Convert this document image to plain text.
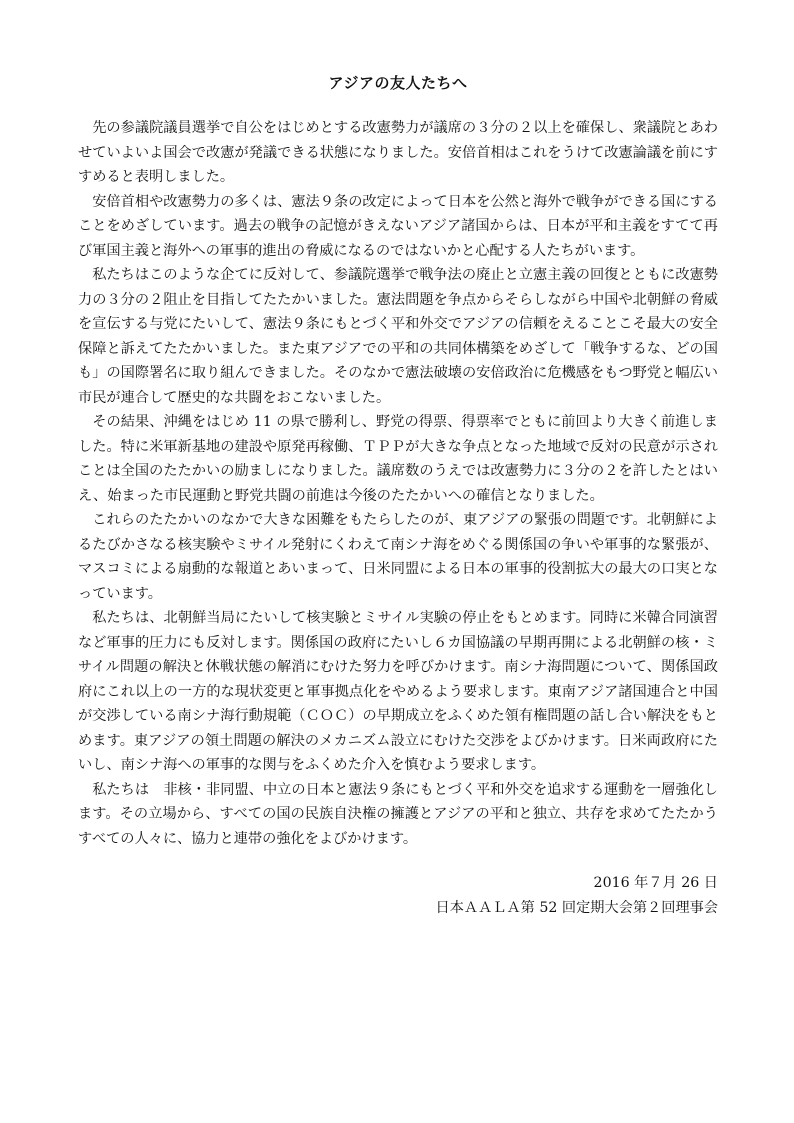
アジアの友人たちへ

先の参議院議員選挙で自公をはじめとする改憲勢力が議席の３分の２以上を確保し、衆議院とあわせていよいよ国会で改憲が発議できる状態になりました。安倍首相はこれをうけて改憲論議を前にすすめると表明しました。

安倍首相や改憲勢力の多くは、憲法９条の改定によって日本を公然と海外で戦争ができる国にすることをめざしています。過去の戦争の記憶がきえないアジア諸国からは、日本が平和主義をすてて再び軍国主義と海外への軍事的進出の脅威になるのではないかと心配する人たちがいます。

私たちはこのような企てに反対して、参議院選挙で戦争法の廃止と立憲主義の回復とともに改憲勢力の３分の２阻止を目指してたたかいました。憲法問題を争点からそらしながら中国や北朝鮮の脅威を宣伝する与党にたいして、憲法９条にもとづく平和外交でアジアの信頼をえることこそ最大の安全保障と訴えてたたかいました。また東アジアでの平和の共同体構築をめざして「戦争するな、どの国も」の国際署名に取り組んできました。そのなかで憲法破壊の安倍政治に危機感をもつ野党と幅広い市民が連合して歴史的な共闘をおこないました。

その結果、沖縄をはじめ 11 の県で勝利し、野党の得票、得票率でともに前回より大きく前進しました。特に米軍新基地の建設や原発再稼働、ＴＰＰが大きな争点となった地域で反対の民意が示されことは全国のたたかいの励ましになりました。議席数のうえでは改憲勢力に３分の２を許したとはいえ、始まった市民運動と野党共闘の前進は今後のたたかいへの確信となりました。

これらのたたかいのなかで大きな困難をもたらしたのが、東アジアの緊張の問題です。北朝鮮によるたびかさなる核実験やミサイル発射にくわえて南シナ海をめぐる関係国の争いや軍事的な緊張が、マスコミによる扇動的な報道とあいまって、日米同盟による日本の軍事的役割拡大の最大の口実となっています。

私たちは、北朝鮮当局にたいして核実験とミサイル実験の停止をもとめます。同時に米韓合同演習など軍事的圧力にも反対します。関係国の政府にたいし６カ国協議の早期再開による北朝鮮の核・ミサイル問題の解決と休戦状態の解消にむけた努力を呼びかけます。南シナ海問題について、関係国政府にこれ以上の一方的な現状変更と軍事拠点化をやめるよう要求します。東南アジア諸国連合と中国が交渉している南シナ海行動規範（ＣＯＣ）の早期成立をふくめた領有権問題の話し合い解決をもとめます。東アジアの領土問題の解決のメカニズム設立にむけた交渉をよびかけます。日米両政府にたいし、南シナ海への軍事的な関与をふくめた介入を慎むよう要求します。

私たちは　非核・非同盟、中立の日本と憲法９条にもとづく平和外交を追求する運動を一層強化します。その立場から、すべての国の民族自決権の擁護とアジアの平和と独立、共存を求めてたたかうすべての人々に、協力と連帯の強化をよびかけます。

2016 年７月 26 日
日本ＡＡＬＡ第 52 回定期大会第２回理事会
